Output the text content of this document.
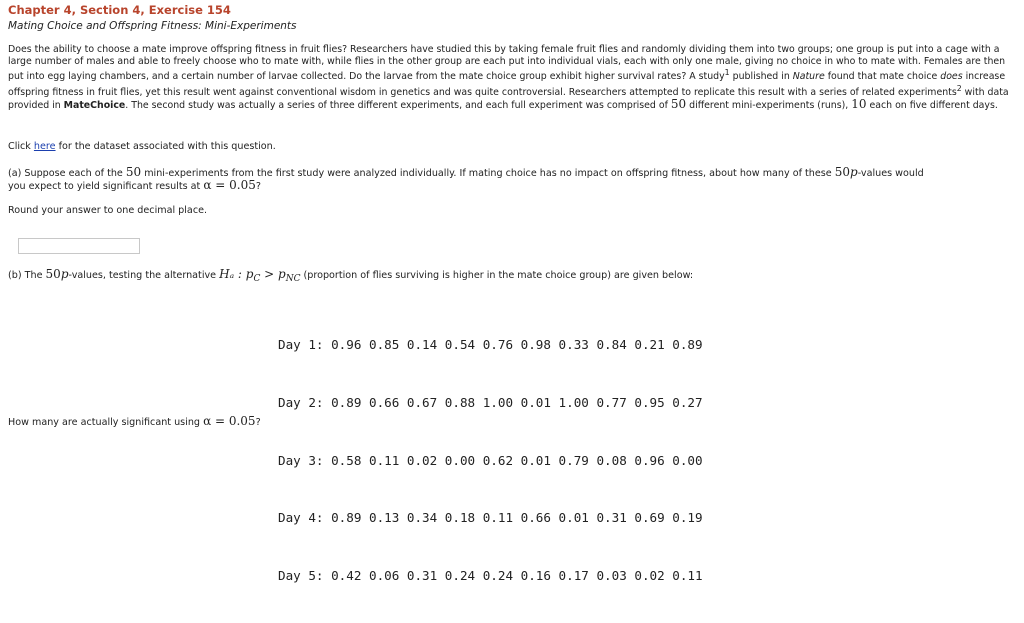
Chapter 4, Section 4, Exercise 154
Mating Choice and Offspring Fitness: Mini-Experiments
Does the ability to choose a mate improve offspring fitness in fruit flies? Researchers have studied this by taking female fruit flies and randomly dividing them into two groups; one group is put into a cage with a large number of males and able to freely choose who to mate with, while flies in the other group are each put into individual vials, each with only one male, giving no choice in who to mate with. Females are then put into egg laying chambers, and a certain number of larvae collected. Do the larvae from the mate choice group exhibit higher survival rates? A study$^1$ published in Nature found that mate choice does increase offspring fitness in fruit flies, yet this result went against conventional wisdom in genetics and was quite controversial. Researchers attempted to replicate this result with a series of related experiments$^2$ with data provided in MateChoice. The second study was actually a series of three different experiments, and each full experiment was comprised of 50 different mini-experiments (runs), 10 each on five different days.
Click here for the dataset associated with this question.
(a) Suppose each of the 50 mini-experiments from the first study were analyzed individually. If mating choice has no impact on offspring fitness, about how many of these 50p-values would
you expect to yield significant results at α = 0.05?
Round your answer to one decimal place.
(b) The 50p-values, testing the alternative Hₐ : $p_C > p_{NC}$ (proportion of flies surviving is higher in the mate choice group) are given below:

Day 1: 0.96 0.85 0.14 0.54 0.76 0.98 0.33 0.84 0.21 0.89

Day 2: 0.89 0.66 0.67 0.88 1.00 0.01 1.00 0.77 0.95 0.27

Day 3: 0.58 0.11 0.02 0.00 0.62 0.01 0.79 0.08 0.96 0.00

Day 4: 0.89 0.13 0.34 0.18 0.11 0.66 0.01 0.31 0.69 0.19

Day 5: 0.42 0.06 0.31 0.24 0.24 0.16 0.17 0.03 0.02 0.11

How many are actually significant using α = 0.05?
